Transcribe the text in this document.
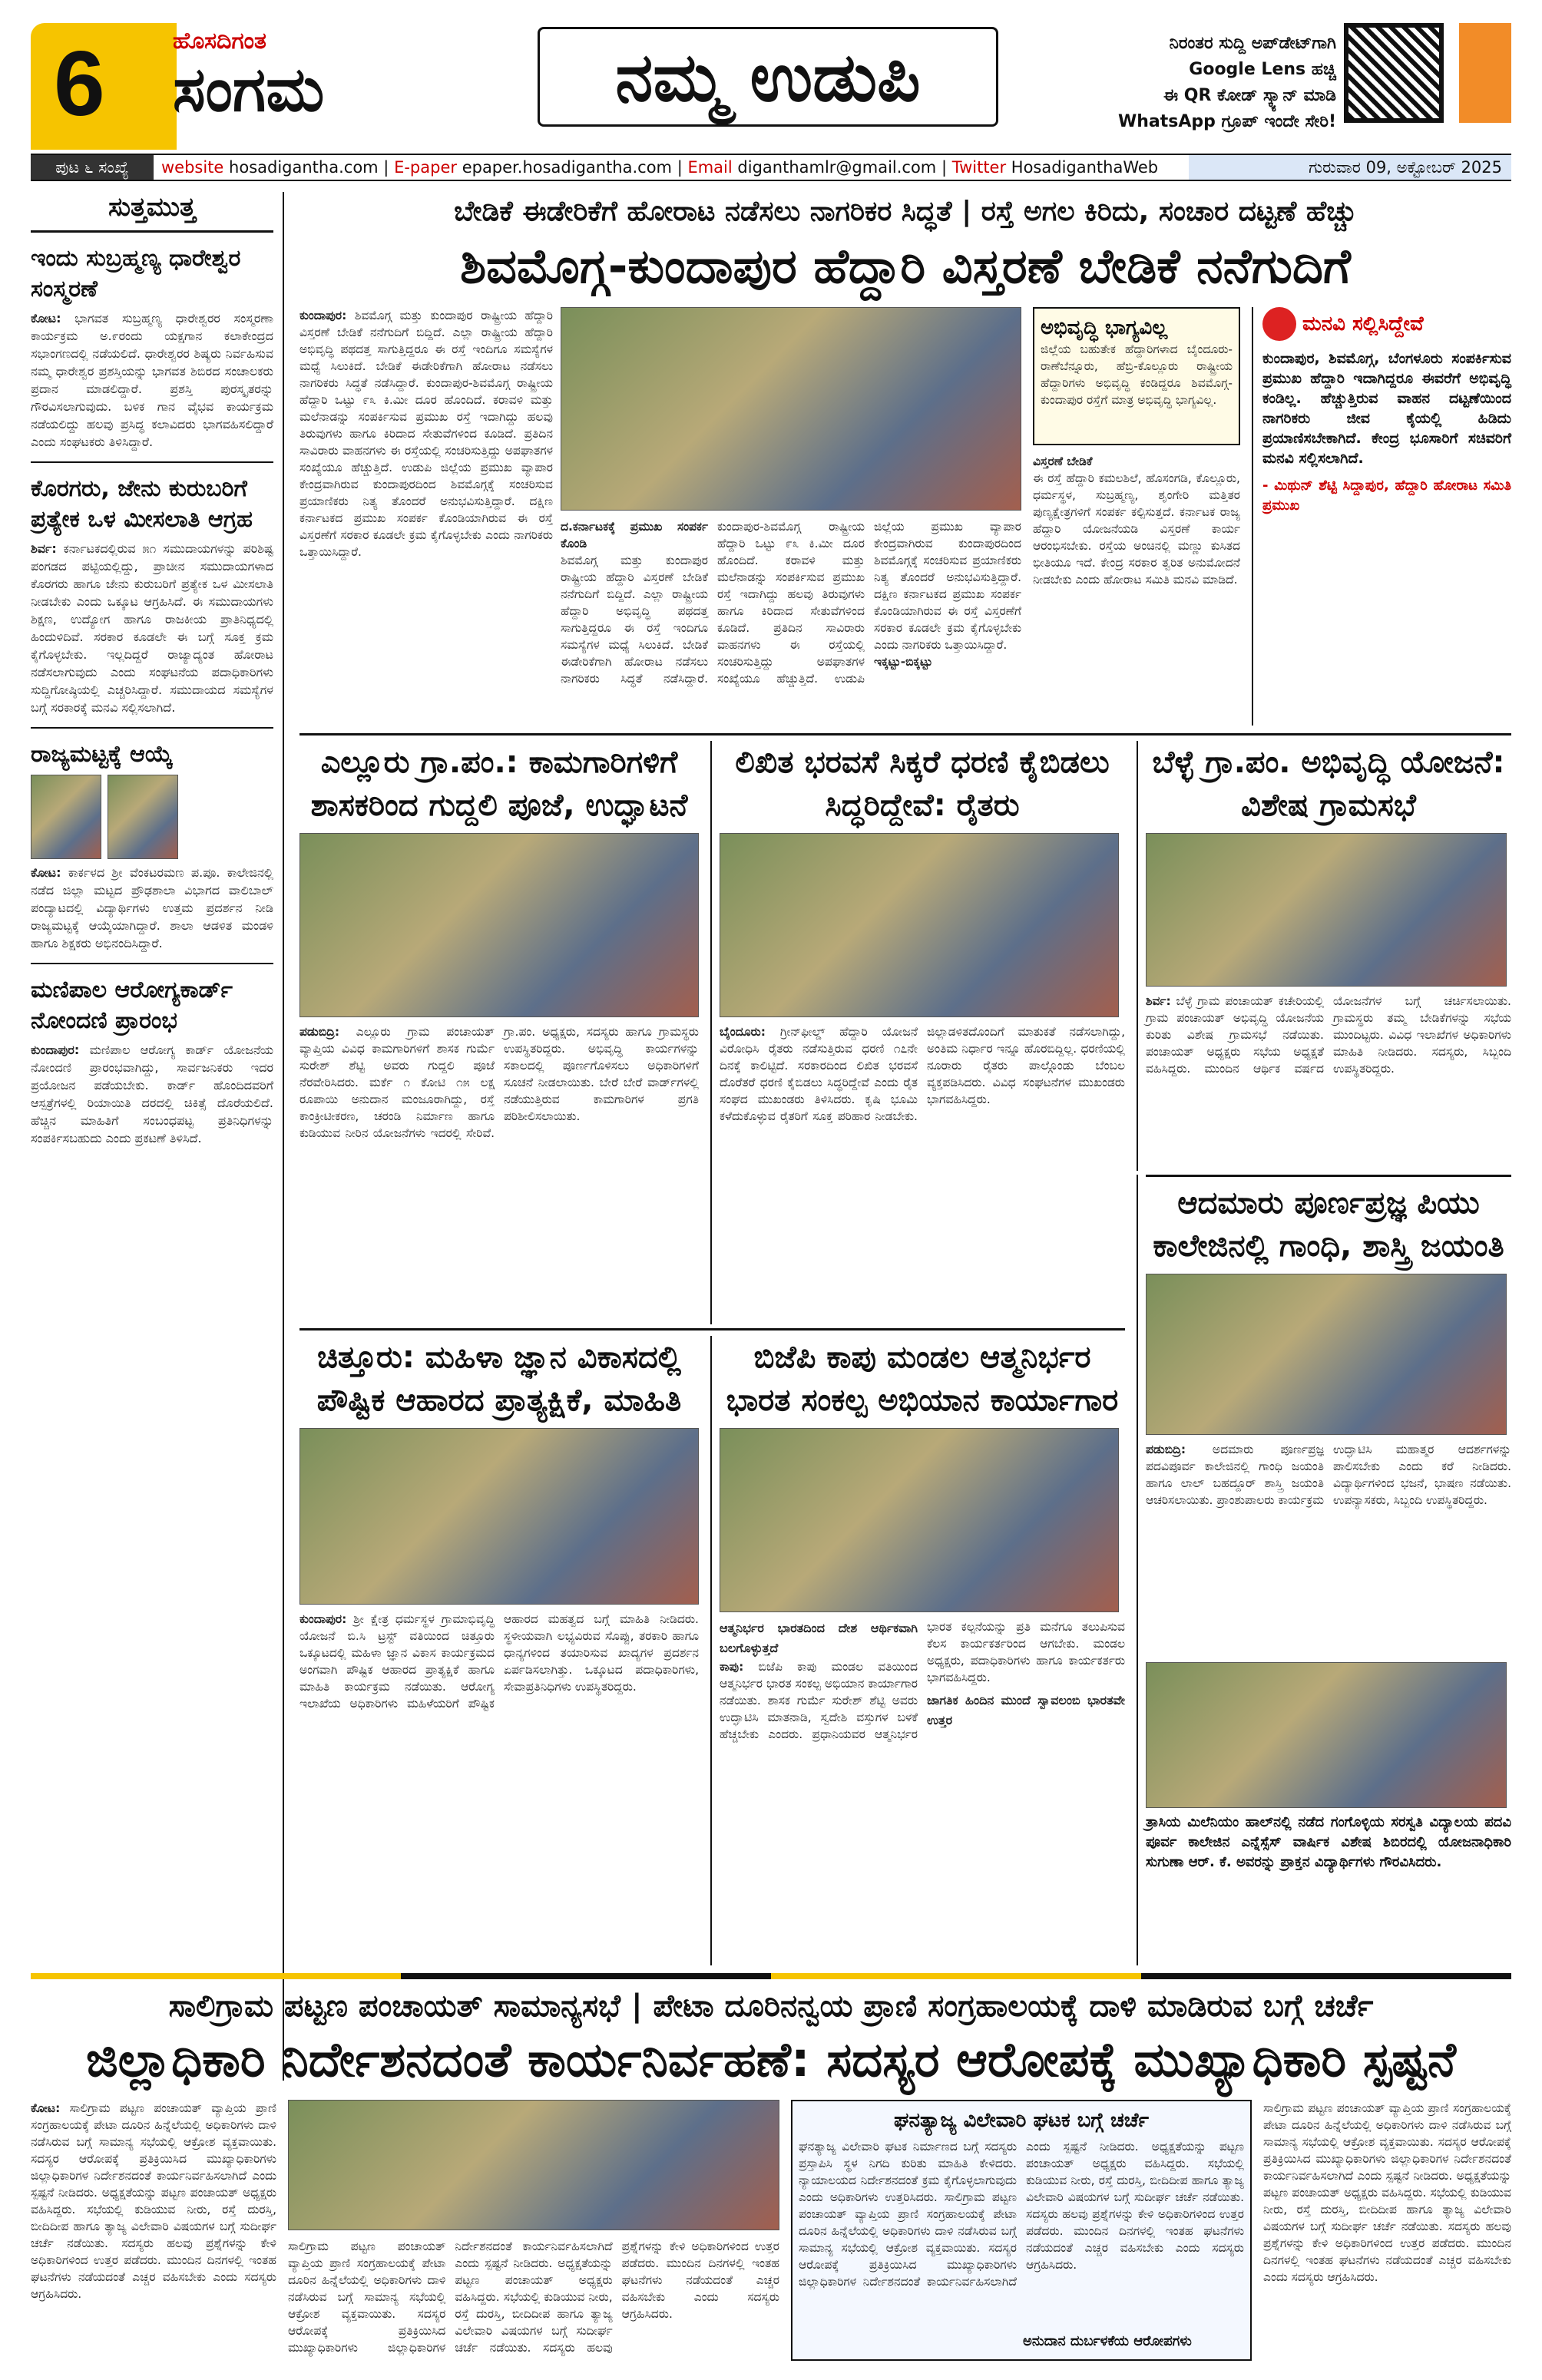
6	ಹೊಸದಿಗಂತ
ಸಂಗಮ	ನಮ್ಮ ಉಡುಪಿ	ನಿರಂತರ ಸುದ್ದಿ ಅಪ್‌ಡೇಟ್‌ಗಾಗಿ
Google Lens ಹಚ್ಚಿ
ಈ QR ಕೋಡ್ ಸ್ಕ್ಯಾನ್ ಮಾಡಿ
WhatsApp ಗ್ರೂಪ್ ಇಂದೇ ಸೇರಿ!
ಪುಟ ೬ ಸಂಖ್ಯೆ	website hosadigantha.com | E-paper epaper.hosadigantha.com | Email diganthamlr@gmail.com | Twitter HosadiganthaWeb	ಗುರುವಾರ 09, ಅಕ್ಟೋಬರ್ 2025
ಸುತ್ತಮುತ್ತ
ಇಂದು ಸುಬ್ರಹ್ಮಣ್ಯ ಧಾರೇಶ್ವರ ಸಂಸ್ಮರಣೆ
ಕೋಟ: ಭಾಗವತ ಸುಬ್ರಹ್ಮಣ್ಯ ಧಾರೇಶ್ವರರ ಸಂಸ್ಮರಣಾ ಕಾರ್ಯಕ್ರಮ ಅ.೯ರಂದು ಯಕ್ಷಗಾನ ಕಲಾಕೇಂದ್ರದ ಸಭಾಂಗಣದಲ್ಲಿ ನಡೆಯಲಿದೆ. ಧಾರೇಶ್ವರರ ಶಿಷ್ಯರು ನಿರ್ವಹಿಸುವ ನಮ್ಮ ಧಾರೇಶ್ವರ ಪ್ರಶಸ್ತಿಯನ್ನು ಭಾಗವತ ಶಿಬಿರದ ಸಂಚಾಲಕರು ಪ್ರದಾನ ಮಾಡಲಿದ್ದಾರೆ. ಪ್ರಶಸ್ತಿ ಪುರಸ್ಕೃತರನ್ನು ಗೌರವಿಸಲಾಗುವುದು. ಬಳಿಕ ಗಾನ ವೈಭವ ಕಾರ್ಯಕ್ರಮ ನಡೆಯಲಿದ್ದು ಹಲವು ಪ್ರಸಿದ್ಧ ಕಲಾವಿದರು ಭಾಗವಹಿಸಲಿದ್ದಾರೆ ಎಂದು ಸಂಘಟಕರು ತಿಳಿಸಿದ್ದಾರೆ.
ಕೊರಗರು, ಜೇನು ಕುರುಬರಿಗೆ ಪ್ರತ್ಯೇಕ ಒಳ ಮೀಸಲಾತಿ ಆಗ್ರಹ
ಶಿರ್ವ: ಕರ್ನಾಟಕದಲ್ಲಿರುವ ೫೧ ಸಮುದಾಯಗಳನ್ನು ಪರಿಶಿಷ್ಟ ಪಂಗಡದ ಪಟ್ಟಿಯಲ್ಲಿದ್ದು, ಪ್ರಾಚೀನ ಸಮುದಾಯಗಳಾದ ಕೊರಗರು ಹಾಗೂ ಜೇನು ಕುರುಬರಿಗೆ ಪ್ರತ್ಯೇಕ ಒಳ ಮೀಸಲಾತಿ ನೀಡಬೇಕು ಎಂದು ಒಕ್ಕೂಟ ಆಗ್ರಹಿಸಿದೆ. ಈ ಸಮುದಾಯಗಳು ಶಿಕ್ಷಣ, ಉದ್ಯೋಗ ಹಾಗೂ ರಾಜಕೀಯ ಪ್ರಾತಿನಿಧ್ಯದಲ್ಲಿ ಹಿಂದುಳಿದಿವೆ. ಸರಕಾರ ಕೂಡಲೇ ಈ ಬಗ್ಗೆ ಸೂಕ್ತ ಕ್ರಮ ಕೈಗೊಳ್ಳಬೇಕು. ಇಲ್ಲದಿದ್ದರೆ ರಾಜ್ಯಾದ್ಯಂತ ಹೋರಾಟ ನಡೆಸಲಾಗುವುದು ಎಂದು ಸಂಘಟನೆಯ ಪದಾಧಿಕಾರಿಗಳು ಸುದ್ದಿಗೋಷ್ಠಿಯಲ್ಲಿ ಎಚ್ಚರಿಸಿದ್ದಾರೆ. ಸಮುದಾಯದ ಸಮಸ್ಯೆಗಳ ಬಗ್ಗೆ ಸರಕಾರಕ್ಕೆ ಮನವಿ ಸಲ್ಲಿಸಲಾಗಿದೆ.
ರಾಜ್ಯಮಟ್ಟಕ್ಕೆ ಆಯ್ಕೆ
ಕೋಟ: ಕಾರ್ಕಳದ ಶ್ರೀ ವೆಂಕಟರಮಣ ಪ.ಪೂ. ಕಾಲೇಜಿನಲ್ಲಿ ನಡೆದ ಜಿಲ್ಲಾ ಮಟ್ಟದ ಪ್ರೌಢಶಾಲಾ ವಿಭಾಗದ ವಾಲಿಬಾಲ್ ಪಂದ್ಯಾಟದಲ್ಲಿ ವಿದ್ಯಾರ್ಥಿಗಳು ಉತ್ತಮ ಪ್ರದರ್ಶನ ನೀಡಿ ರಾಜ್ಯಮಟ್ಟಕ್ಕೆ ಆಯ್ಕೆಯಾಗಿದ್ದಾರೆ. ಶಾಲಾ ಆಡಳಿತ ಮಂಡಳಿ ಹಾಗೂ ಶಿಕ್ಷಕರು ಅಭಿನಂದಿಸಿದ್ದಾರೆ.
ಮಣಿಪಾಲ ಆರೋಗ್ಯಕಾರ್ಡ್ ನೋಂದಣಿ ಪ್ರಾರಂಭ
ಕುಂದಾಪುರ: ಮಣಿಪಾಲ ಆರೋಗ್ಯ ಕಾರ್ಡ್ ಯೋಜನೆಯ ನೋಂದಣಿ ಪ್ರಾರಂಭವಾಗಿದ್ದು, ಸಾರ್ವಜನಿಕರು ಇದರ ಪ್ರಯೋಜನ ಪಡೆಯಬೇಕು. ಕಾರ್ಡ್ ಹೊಂದಿದವರಿಗೆ ಆಸ್ಪತ್ರೆಗಳಲ್ಲಿ ರಿಯಾಯಿತಿ ದರದಲ್ಲಿ ಚಿಕಿತ್ಸೆ ದೊರೆಯಲಿದೆ. ಹೆಚ್ಚಿನ ಮಾಹಿತಿಗೆ ಸಂಬಂಧಪಟ್ಟ ಪ್ರತಿನಿಧಿಗಳನ್ನು ಸಂಪರ್ಕಿಸಬಹುದು ಎಂದು ಪ್ರಕಟಣೆ ತಿಳಿಸಿದೆ.
ಬೇಡಿಕೆ ಈಡೇರಿಕೆಗೆ ಹೋರಾಟ ನಡೆಸಲು ನಾಗರಿಕರ ಸಿದ್ಧತೆ | ರಸ್ತೆ ಅಗಲ ಕಿರಿದು, ಸಂಚಾರ ದಟ್ಟಣೆ ಹೆಚ್ಚು
ಶಿವಮೊಗ್ಗ-ಕುಂದಾಪುರ ಹೆದ್ದಾರಿ ವಿಸ್ತರಣೆ ಬೇಡಿಕೆ ನನೆಗುದಿಗೆ
ಕುಂದಾಪುರ: ಶಿವಮೊಗ್ಗ ಮತ್ತು ಕುಂದಾಪುರ ರಾಷ್ಟ್ರೀಯ ಹೆದ್ದಾರಿ ವಿಸ್ತರಣೆ ಬೇಡಿಕೆ ನನೆಗುದಿಗೆ ಬಿದ್ದಿದೆ. ಎಲ್ಲಾ ರಾಷ್ಟ್ರೀಯ ಹೆದ್ದಾರಿ ಅಭಿವೃದ್ಧಿ ಪಥದತ್ತ ಸಾಗುತ್ತಿದ್ದರೂ ಈ ರಸ್ತೆ ಇಂದಿಗೂ ಸಮಸ್ಯೆಗಳ ಮಧ್ಯೆ ಸಿಲುಕಿದೆ. ಬೇಡಿಕೆ ಈಡೇರಿಕೆಗಾಗಿ ಹೋರಾಟ ನಡೆಸಲು ನಾಗರಿಕರು ಸಿದ್ಧತೆ ನಡೆಸಿದ್ದಾರೆ. ಕುಂದಾಪುರ-ಶಿವಮೊಗ್ಗ ರಾಷ್ಟ್ರೀಯ ಹೆದ್ದಾರಿ ಒಟ್ಟು ೯೩ ಕಿ.ಮೀ ದೂರ ಹೊಂದಿದೆ. ಕರಾವಳಿ ಮತ್ತು ಮಲೆನಾಡನ್ನು ಸಂಪರ್ಕಿಸುವ ಪ್ರಮುಖ ರಸ್ತೆ ಇದಾಗಿದ್ದು ಹಲವು ತಿರುವುಗಳು ಹಾಗೂ ಕಿರಿದಾದ ಸೇತುವೆಗಳಿಂದ ಕೂಡಿದೆ. ಪ್ರತಿದಿನ ಸಾವಿರಾರು ವಾಹನಗಳು ಈ ರಸ್ತೆಯಲ್ಲಿ ಸಂಚರಿಸುತ್ತಿದ್ದು ಅಪಘಾತಗಳ ಸಂಖ್ಯೆಯೂ ಹೆಚ್ಚುತ್ತಿದೆ. ಉಡುಪಿ ಜಿಲ್ಲೆಯ ಪ್ರಮುಖ ವ್ಯಾಪಾರ ಕೇಂದ್ರವಾಗಿರುವ ಕುಂದಾಪುರದಿಂದ ಶಿವಮೊಗ್ಗಕ್ಕೆ ಸಂಚರಿಸುವ ಪ್ರಯಾಣಿಕರು ನಿತ್ಯ ತೊಂದರೆ ಅನುಭವಿಸುತ್ತಿದ್ದಾರೆ. ದಕ್ಷಿಣ ಕರ್ನಾಟಕದ ಪ್ರಮುಖ ಸಂಪರ್ಕ ಕೊಂಡಿಯಾಗಿರುವ ಈ ರಸ್ತೆ ವಿಸ್ತರಣೆಗೆ ಸರಕಾರ ಕೂಡಲೇ ಕ್ರಮ ಕೈಗೊಳ್ಳಬೇಕು ಎಂದು ನಾಗರಿಕರು ಒತ್ತಾಯಿಸಿದ್ದಾರೆ.
ದ.ಕರ್ನಾಟಕಕ್ಕೆ ಪ್ರಮುಖ ಸಂಪರ್ಕ ಕೊಂಡಿ
ಶಿವಮೊಗ್ಗ ಮತ್ತು ಕುಂದಾಪುರ ರಾಷ್ಟ್ರೀಯ ಹೆದ್ದಾರಿ ವಿಸ್ತರಣೆ ಬೇಡಿಕೆ ನನೆಗುದಿಗೆ ಬಿದ್ದಿದೆ. ಎಲ್ಲಾ ರಾಷ್ಟ್ರೀಯ ಹೆದ್ದಾರಿ ಅಭಿವೃದ್ಧಿ ಪಥದತ್ತ ಸಾಗುತ್ತಿದ್ದರೂ ಈ ರಸ್ತೆ ಇಂದಿಗೂ ಸಮಸ್ಯೆಗಳ ಮಧ್ಯೆ ಸಿಲುಕಿದೆ. ಬೇಡಿಕೆ ಈಡೇರಿಕೆಗಾಗಿ ಹೋರಾಟ ನಡೆಸಲು ನಾಗರಿಕರು ಸಿದ್ಧತೆ ನಡೆಸಿದ್ದಾರೆ. ಕುಂದಾಪುರ-ಶಿವಮೊಗ್ಗ ರಾಷ್ಟ್ರೀಯ ಹೆದ್ದಾರಿ ಒಟ್ಟು ೯೩ ಕಿ.ಮೀ ದೂರ ಹೊಂದಿದೆ. ಕರಾವಳಿ ಮತ್ತು ಮಲೆನಾಡನ್ನು ಸಂಪರ್ಕಿಸುವ ಪ್ರಮುಖ ರಸ್ತೆ ಇದಾಗಿದ್ದು ಹಲವು ತಿರುವುಗಳು ಹಾಗೂ ಕಿರಿದಾದ ಸೇತುವೆಗಳಿಂದ ಕೂಡಿದೆ. ಪ್ರತಿದಿನ ಸಾವಿರಾರು ವಾಹನಗಳು ಈ ರಸ್ತೆಯಲ್ಲಿ ಸಂಚರಿಸುತ್ತಿದ್ದು ಅಪಘಾತಗಳ ಸಂಖ್ಯೆಯೂ ಹೆಚ್ಚುತ್ತಿದೆ. ಉಡುಪಿ ಜಿಲ್ಲೆಯ ಪ್ರಮುಖ ವ್ಯಾಪಾರ ಕೇಂದ್ರವಾಗಿರುವ ಕುಂದಾಪುರದಿಂದ ಶಿವಮೊಗ್ಗಕ್ಕೆ ಸಂಚರಿಸುವ ಪ್ರಯಾಣಿಕರು ನಿತ್ಯ ತೊಂದರೆ ಅನುಭವಿಸುತ್ತಿದ್ದಾರೆ. ದಕ್ಷಿಣ ಕರ್ನಾಟಕದ ಪ್ರಮುಖ ಸಂಪರ್ಕ ಕೊಂಡಿಯಾಗಿರುವ ಈ ರಸ್ತೆ ವಿಸ್ತರಣೆಗೆ ಸರಕಾರ ಕೂಡಲೇ ಕ್ರಮ ಕೈಗೊಳ್ಳಬೇಕು ಎಂದು ನಾಗರಿಕರು ಒತ್ತಾಯಿಸಿದ್ದಾರೆ.
ಇಕ್ಕಟ್ಟು-ಬಿಕ್ಕಟ್ಟು
ಅಭಿವೃದ್ಧಿ ಭಾಗ್ಯವಿಲ್ಲ
ಜಿಲ್ಲೆಯ ಬಹುತೇಕ ಹೆದ್ದಾರಿಗಳಾದ ಬೈಂದೂರು-ರಾಣೆಬೆನ್ನೂರು, ಹೆಬ್ರಿ-ಕೊಲ್ಲೂರು ರಾಷ್ಟ್ರೀಯ ಹೆದ್ದಾರಿಗಳು ಅಭಿವೃದ್ಧಿ ಕಂಡಿದ್ದರೂ ಶಿವಮೊಗ್ಗ-ಕುಂದಾಪುರ ರಸ್ತೆಗೆ ಮಾತ್ರ ಅಭಿವೃದ್ಧಿ ಭಾಗ್ಯವಿಲ್ಲ.
ವಿಸ್ತರಣೆ ಬೇಡಿಕೆ
ಈ ರಸ್ತೆ ಹೆದ್ದಾರಿ ಕಮಲಶಿಲೆ, ಹೊಸಂಗಡಿ, ಕೊಲ್ಲೂರು, ಧರ್ಮಸ್ಥಳ, ಸುಬ್ರಹ್ಮಣ್ಯ, ಶೃಂಗೇರಿ ಮತ್ತಿತರ ಪುಣ್ಯಕ್ಷೇತ್ರಗಳಿಗೆ ಸಂಪರ್ಕ ಕಲ್ಪಿಸುತ್ತದೆ. ಕರ್ನಾಟಕ ರಾಜ್ಯ ಹೆದ್ದಾರಿ ಯೋಜನೆಯಡಿ ವಿಸ್ತರಣೆ ಕಾರ್ಯ ಆರಂಭಿಸಬೇಕು. ರಸ್ತೆಯ ಅಂಚಿನಲ್ಲಿ ಮಣ್ಣು ಕುಸಿತದ ಭೀತಿಯೂ ಇದೆ. ಕೇಂದ್ರ ಸರಕಾರ ತ್ವರಿತ ಅನುಮೋದನೆ ನೀಡಬೇಕು ಎಂದು ಹೋರಾಟ ಸಮಿತಿ ಮನವಿ ಮಾಡಿದೆ.
ಮನವಿ ಸಲ್ಲಿಸಿದ್ದೇವೆ
ಕುಂದಾಪುರ, ಶಿವಮೊಗ್ಗ, ಬೆಂಗಳೂರು ಸಂಪರ್ಕಿಸುವ ಪ್ರಮುಖ ಹೆದ್ದಾರಿ ಇದಾಗಿದ್ದರೂ ಈವರೆಗೆ ಅಭಿವೃದ್ಧಿ ಕಂಡಿಲ್ಲ. ಹೆಚ್ಚುತ್ತಿರುವ ವಾಹನ ದಟ್ಟಣೆಯಿಂದ ನಾಗರಿಕರು ಜೀವ ಕೈಯಲ್ಲಿ ಹಿಡಿದು ಪ್ರಯಾಣಿಸಬೇಕಾಗಿದೆ. ಕೇಂದ್ರ ಭೂಸಾರಿಗೆ ಸಚಿವರಿಗೆ ಮನವಿ ಸಲ್ಲಿಸಲಾಗಿದೆ.
- ಮಿಥುನ್ ಶೆಟ್ಟಿ ಸಿದ್ದಾಪುರ, ಹೆದ್ದಾರಿ ಹೋರಾಟ ಸಮಿತಿ ಪ್ರಮುಖ
ಎಲ್ಲೂರು ಗ್ರಾ.ಪಂ.: ಕಾಮಗಾರಿಗಳಿಗೆ ಶಾಸಕರಿಂದ ಗುದ್ದಲಿ ಪೂಜೆ, ಉದ್ಘಾಟನೆ
ಪಡುಬಿದ್ರಿ: ಎಲ್ಲೂರು ಗ್ರಾಮ ಪಂಚಾಯತ್ ವ್ಯಾಪ್ತಿಯ ವಿವಿಧ ಕಾಮಗಾರಿಗಳಿಗೆ ಶಾಸಕ ಗುರ್ಮೆ ಸುರೇಶ್ ಶೆಟ್ಟಿ ಅವರು ಗುದ್ದಲಿ ಪೂಜೆ ನೆರವೇರಿಸಿದರು. ಮರ್ಕೆ ೧ ಕೋಟಿ ೧೫ ಲಕ್ಷ ರೂಪಾಯಿ ಅನುದಾನ ಮಂಜೂರಾಗಿದ್ದು, ರಸ್ತೆ ಕಾಂಕ್ರೀಟೀಕರಣ, ಚರಂಡಿ ನಿರ್ಮಾಣ ಹಾಗೂ ಕುಡಿಯುವ ನೀರಿನ ಯೋಜನೆಗಳು ಇದರಲ್ಲಿ ಸೇರಿವೆ. ಗ್ರಾ.ಪಂ. ಅಧ್ಯಕ್ಷರು, ಸದಸ್ಯರು ಹಾಗೂ ಗ್ರಾಮಸ್ಥರು ಉಪಸ್ಥಿತರಿದ್ದರು. ಅಭಿವೃದ್ಧಿ ಕಾರ್ಯಗಳನ್ನು ಸಕಾಲದಲ್ಲಿ ಪೂರ್ಣಗೊಳಿಸಲು ಅಧಿಕಾರಿಗಳಿಗೆ ಸೂಚನೆ ನೀಡಲಾಯಿತು. ಬೇರೆ ಬೇರೆ ವಾರ್ಡ್‌ಗಳಲ್ಲಿ ನಡೆಯುತ್ತಿರುವ ಕಾಮಗಾರಿಗಳ ಪ್ರಗತಿ ಪರಿಶೀಲಿಸಲಾಯಿತು.
ಲಿಖಿತ ಭರವಸೆ ಸಿಕ್ಕರೆ ಧರಣಿ ಕೈಬಿಡಲು ಸಿದ್ಧರಿದ್ದೇವೆ: ರೈತರು
ಬೈಂದೂರು: ಗ್ರೀನ್‌ಫೀಲ್ಡ್ ಹೆದ್ದಾರಿ ಯೋಜನೆ ವಿರೋಧಿಸಿ ರೈತರು ನಡೆಸುತ್ತಿರುವ ಧರಣಿ ೧೭ನೇ ದಿನಕ್ಕೆ ಕಾಲಿಟ್ಟಿದೆ. ಸರಕಾರದಿಂದ ಲಿಖಿತ ಭರವಸೆ ದೊರೆತರೆ ಧರಣಿ ಕೈಬಿಡಲು ಸಿದ್ಧರಿದ್ದೇವೆ ಎಂದು ರೈತ ಸಂಘದ ಮುಖಂಡರು ತಿಳಿಸಿದರು. ಕೃಷಿ ಭೂಮಿ ಕಳೆದುಕೊಳ್ಳುವ ರೈತರಿಗೆ ಸೂಕ್ತ ಪರಿಹಾರ ನೀಡಬೇಕು. ಜಿಲ್ಲಾಡಳಿತದೊಂದಿಗೆ ಮಾತುಕತೆ ನಡೆಸಲಾಗಿದ್ದು, ಅಂತಿಮ ನಿರ್ಧಾರ ಇನ್ನೂ ಹೊರಬಿದ್ದಿಲ್ಲ. ಧರಣಿಯಲ್ಲಿ ನೂರಾರು ರೈತರು ಪಾಲ್ಗೊಂಡು ಬೆಂಬಲ ವ್ಯಕ್ತಪಡಿಸಿದರು. ವಿವಿಧ ಸಂಘಟನೆಗಳ ಮುಖಂಡರು ಭಾಗವಹಿಸಿದ್ದರು.
ಬೆಳ್ಳೆ ಗ್ರಾ.ಪಂ. ಅಭಿವೃದ್ಧಿ ಯೋಜನೆ: ವಿಶೇಷ ಗ್ರಾಮಸಭೆ
ಶಿರ್ವ: ಬೆಳ್ಳೆ ಗ್ರಾಮ ಪಂಚಾಯತ್ ಕಚೇರಿಯಲ್ಲಿ ಗ್ರಾಮ ಪಂಚಾಯತ್ ಅಭಿವೃದ್ಧಿ ಯೋಜನೆಯ ಕುರಿತು ವಿಶೇಷ ಗ್ರಾಮಸಭೆ ನಡೆಯಿತು. ಪಂಚಾಯತ್ ಅಧ್ಯಕ್ಷರು ಸಭೆಯ ಅಧ್ಯಕ್ಷತೆ ವಹಿಸಿದ್ದರು. ಮುಂದಿನ ಆರ್ಥಿಕ ವರ್ಷದ ಯೋಜನೆಗಳ ಬಗ್ಗೆ ಚರ್ಚಿಸಲಾಯಿತು. ಗ್ರಾಮಸ್ಥರು ತಮ್ಮ ಬೇಡಿಕೆಗಳನ್ನು ಸಭೆಯ ಮುಂದಿಟ್ಟರು. ವಿವಿಧ ಇಲಾಖೆಗಳ ಅಧಿಕಾರಿಗಳು ಮಾಹಿತಿ ನೀಡಿದರು. ಸದಸ್ಯರು, ಸಿಬ್ಬಂದಿ ಉಪಸ್ಥಿತರಿದ್ದರು.
ಚಿತ್ತೂರು: ಮಹಿಳಾ ಜ್ಞಾನ ವಿಕಾಸದಲ್ಲಿ ಪೌಷ್ಟಿಕ ಆಹಾರದ ಪ್ರಾತ್ಯಕ್ಷಿಕೆ, ಮಾಹಿತಿ
ಕುಂದಾಪುರ: ಶ್ರೀ ಕ್ಷೇತ್ರ ಧರ್ಮಸ್ಥಳ ಗ್ರಾಮಾಭಿವೃದ್ಧಿ ಯೋಜನೆ ಬಿ.ಸಿ ಟ್ರಸ್ಟ್ ವತಿಯಿಂದ ಚಿತ್ತೂರು ಒಕ್ಕೂಟದಲ್ಲಿ ಮಹಿಳಾ ಜ್ಞಾನ ವಿಕಾಸ ಕಾರ್ಯಕ್ರಮದ ಅಂಗವಾಗಿ ಪೌಷ್ಟಿಕ ಆಹಾರದ ಪ್ರಾತ್ಯಕ್ಷಿಕೆ ಹಾಗೂ ಮಾಹಿತಿ ಕಾರ್ಯಕ್ರಮ ನಡೆಯಿತು. ಆರೋಗ್ಯ ಇಲಾಖೆಯ ಅಧಿಕಾರಿಗಳು ಮಹಿಳೆಯರಿಗೆ ಪೌಷ್ಟಿಕ ಆಹಾರದ ಮಹತ್ವದ ಬಗ್ಗೆ ಮಾಹಿತಿ ನೀಡಿದರು. ಸ್ಥಳೀಯವಾಗಿ ಲಭ್ಯವಿರುವ ಸೊಪ್ಪು, ತರಕಾರಿ ಹಾಗೂ ಧಾನ್ಯಗಳಿಂದ ತಯಾರಿಸುವ ಖಾದ್ಯಗಳ ಪ್ರದರ್ಶನ ಏರ್ಪಡಿಸಲಾಗಿತ್ತು. ಒಕ್ಕೂಟದ ಪದಾಧಿಕಾರಿಗಳು, ಸೇವಾಪ್ರತಿನಿಧಿಗಳು ಉಪಸ್ಥಿತರಿದ್ದರು.
ಬಿಜೆಪಿ ಕಾಪು ಮಂಡಲ ಆತ್ಮನಿರ್ಭರ ಭಾರತ ಸಂಕಲ್ಪ ಅಭಿಯಾನ ಕಾರ್ಯಾಗಾರ
ಆತ್ಮನಿರ್ಭರ ಭಾರತದಿಂದ ದೇಶ ಆರ್ಥಿಕವಾಗಿ ಬಲಗೊಳ್ಳುತ್ತದೆ
ಕಾಪು: ಬಿಜೆಪಿ ಕಾಪು ಮಂಡಲ ವತಿಯಿಂದ ಆತ್ಮನಿರ್ಭರ ಭಾರತ ಸಂಕಲ್ಪ ಅಭಿಯಾನ ಕಾರ್ಯಾಗಾರ ನಡೆಯಿತು. ಶಾಸಕ ಗುರ್ಮೆ ಸುರೇಶ್ ಶೆಟ್ಟಿ ಅವರು ಉದ್ಘಾಟಿಸಿ ಮಾತನಾಡಿ, ಸ್ವದೇಶಿ ವಸ್ತುಗಳ ಬಳಕೆ ಹೆಚ್ಚಬೇಕು ಎಂದರು. ಪ್ರಧಾನಿಯವರ ಆತ್ಮನಿರ್ಭರ ಭಾರತ ಕಲ್ಪನೆಯನ್ನು ಪ್ರತಿ ಮನೆಗೂ ತಲುಪಿಸುವ ಕೆಲಸ ಕಾರ್ಯಕರ್ತರಿಂದ ಆಗಬೇಕು. ಮಂಡಲ ಅಧ್ಯಕ್ಷರು, ಪದಾಧಿಕಾರಿಗಳು ಹಾಗೂ ಕಾರ್ಯಕರ್ತರು ಭಾಗವಹಿಸಿದ್ದರು.
ಜಾಗತಿಕ ಹಿಂದಿನ ಮುಂದೆ ಸ್ವಾವಲಂಬಿ ಭಾರತವೇ ಉತ್ತರ
ಆದಮಾರು ಪೂರ್ಣಪ್ರಜ್ಞ ಪಿಯು ಕಾಲೇಜಿನಲ್ಲಿ ಗಾಂಧಿ, ಶಾಸ್ತ್ರಿ ಜಯಂತಿ
ಪಡುಬಿದ್ರಿ: ಅದಮಾರು ಪೂರ್ಣಪ್ರಜ್ಞ ಪದವಿಪೂರ್ವ ಕಾಲೇಜಿನಲ್ಲಿ ಗಾಂಧಿ ಜಯಂತಿ ಹಾಗೂ ಲಾಲ್ ಬಹದ್ದೂರ್ ಶಾಸ್ತ್ರಿ ಜಯಂತಿ ಆಚರಿಸಲಾಯಿತು. ಪ್ರಾಂಶುಪಾಲರು ಕಾರ್ಯಕ್ರಮ ಉದ್ಘಾಟಿಸಿ ಮಹಾತ್ಮರ ಆದರ್ಶಗಳನ್ನು ಪಾಲಿಸಬೇಕು ಎಂದು ಕರೆ ನೀಡಿದರು. ವಿದ್ಯಾರ್ಥಿಗಳಿಂದ ಭಜನೆ, ಭಾಷಣ ನಡೆಯಿತು. ಉಪನ್ಯಾಸಕರು, ಸಿಬ್ಬಂದಿ ಉಪಸ್ಥಿತರಿದ್ದರು.
ತ್ರಾಸಿಯ ಮಿಲೆನಿಯಂ ಹಾಲ್‌ನಲ್ಲಿ ನಡೆದ ಗಂಗೊಳ್ಳಿಯ ಸರಸ್ವತಿ ವಿದ್ಯಾಲಯ ಪದವಿ ಪೂರ್ವ ಕಾಲೇಜಿನ ಎನ್ನೆಸ್ಸೆಸ್ ವಾರ್ಷಿಕ ವಿಶೇಷ ಶಿಬಿರದಲ್ಲಿ ಯೋಜನಾಧಿಕಾರಿ ಸುಗುಣಾ ಆರ್. ಕೆ. ಅವರನ್ನು ಪ್ರಾಕ್ತನ ವಿದ್ಯಾರ್ಥಿಗಳು ಗೌರವಿಸಿದರು.
ಸಾಲಿಗ್ರಾಮ ಪಟ್ಟಣ ಪಂಚಾಯತ್ ಸಾಮಾನ್ಯಸಭೆ | ಪೇಟಾ ದೂರಿನನ್ವಯ ಪ್ರಾಣಿ ಸಂಗ್ರಹಾಲಯಕ್ಕೆ ದಾಳಿ ಮಾಡಿರುವ ಬಗ್ಗೆ ಚರ್ಚೆ
ಜಿಲ್ಲಾಧಿಕಾರಿ ನಿರ್ದೇಶನದಂತೆ ಕಾರ್ಯನಿರ್ವಹಣೆ: ಸದಸ್ಯರ ಆರೋಪಕ್ಕೆ ಮುಖ್ಯಾಧಿಕಾರಿ ಸ್ಪಷ್ಟನೆ
ಕೋಟ: ಸಾಲಿಗ್ರಾಮ ಪಟ್ಟಣ ಪಂಚಾಯತ್ ವ್ಯಾಪ್ತಿಯ ಪ್ರಾಣಿ ಸಂಗ್ರಹಾಲಯಕ್ಕೆ ಪೇಟಾ ದೂರಿನ ಹಿನ್ನೆಲೆಯಲ್ಲಿ ಅಧಿಕಾರಿಗಳು ದಾಳಿ ನಡೆಸಿರುವ ಬಗ್ಗೆ ಸಾಮಾನ್ಯ ಸಭೆಯಲ್ಲಿ ಆಕ್ರೋಶ ವ್ಯಕ್ತವಾಯಿತು. ಸದಸ್ಯರ ಆರೋಪಕ್ಕೆ ಪ್ರತಿಕ್ರಿಯಿಸಿದ ಮುಖ್ಯಾಧಿಕಾರಿಗಳು ಜಿಲ್ಲಾಧಿಕಾರಿಗಳ ನಿರ್ದೇಶನದಂತೆ ಕಾರ್ಯನಿರ್ವಹಿಸಲಾಗಿದೆ ಎಂದು ಸ್ಪಷ್ಟನೆ ನೀಡಿದರು. ಅಧ್ಯಕ್ಷತೆಯನ್ನು ಪಟ್ಟಣ ಪಂಚಾಯತ್ ಅಧ್ಯಕ್ಷರು ವಹಿಸಿದ್ದರು. ಸಭೆಯಲ್ಲಿ ಕುಡಿಯುವ ನೀರು, ರಸ್ತೆ ದುರಸ್ತಿ, ಬೀದಿದೀಪ ಹಾಗೂ ತ್ಯಾಜ್ಯ ವಿಲೇವಾರಿ ವಿಷಯಗಳ ಬಗ್ಗೆ ಸುದೀರ್ಘ ಚರ್ಚೆ ನಡೆಯಿತು. ಸದಸ್ಯರು ಹಲವು ಪ್ರಶ್ನೆಗಳನ್ನು ಕೇಳಿ ಅಧಿಕಾರಿಗಳಿಂದ ಉತ್ತರ ಪಡೆದರು. ಮುಂದಿನ ದಿನಗಳಲ್ಲಿ ಇಂತಹ ಘಟನೆಗಳು ನಡೆಯದಂತೆ ಎಚ್ಚರ ವಹಿಸಬೇಕು ಎಂದು ಸದಸ್ಯರು ಆಗ್ರಹಿಸಿದರು.
ಸಾಲಿಗ್ರಾಮ ಪಟ್ಟಣ ಪಂಚಾಯತ್ ವ್ಯಾಪ್ತಿಯ ಪ್ರಾಣಿ ಸಂಗ್ರಹಾಲಯಕ್ಕೆ ಪೇಟಾ ದೂರಿನ ಹಿನ್ನೆಲೆಯಲ್ಲಿ ಅಧಿಕಾರಿಗಳು ದಾಳಿ ನಡೆಸಿರುವ ಬಗ್ಗೆ ಸಾಮಾನ್ಯ ಸಭೆಯಲ್ಲಿ ಆಕ್ರೋಶ ವ್ಯಕ್ತವಾಯಿತು. ಸದಸ್ಯರ ಆರೋಪಕ್ಕೆ ಪ್ರತಿಕ್ರಿಯಿಸಿದ ಮುಖ್ಯಾಧಿಕಾರಿಗಳು ಜಿಲ್ಲಾಧಿಕಾರಿಗಳ ನಿರ್ದೇಶನದಂತೆ ಕಾರ್ಯನಿರ್ವಹಿಸಲಾಗಿದೆ ಎಂದು ಸ್ಪಷ್ಟನೆ ನೀಡಿದರು. ಅಧ್ಯಕ್ಷತೆಯನ್ನು ಪಟ್ಟಣ ಪಂಚಾಯತ್ ಅಧ್ಯಕ್ಷರು ವಹಿಸಿದ್ದರು. ಸಭೆಯಲ್ಲಿ ಕುಡಿಯುವ ನೀರು, ರಸ್ತೆ ದುರಸ್ತಿ, ಬೀದಿದೀಪ ಹಾಗೂ ತ್ಯಾಜ್ಯ ವಿಲೇವಾರಿ ವಿಷಯಗಳ ಬಗ್ಗೆ ಸುದೀರ್ಘ ಚರ್ಚೆ ನಡೆಯಿತು. ಸದಸ್ಯರು ಹಲವು ಪ್ರಶ್ನೆಗಳನ್ನು ಕೇಳಿ ಅಧಿಕಾರಿಗಳಿಂದ ಉತ್ತರ ಪಡೆದರು. ಮುಂದಿನ ದಿನಗಳಲ್ಲಿ ಇಂತಹ ಘಟನೆಗಳು ನಡೆಯದಂತೆ ಎಚ್ಚರ ವಹಿಸಬೇಕು ಎಂದು ಸದಸ್ಯರು ಆಗ್ರಹಿಸಿದರು.
ಘನತ್ಯಾಜ್ಯ ವಿಲೇವಾರಿ ಘಟಕ ಬಗ್ಗೆ ಚರ್ಚೆ
ಘನತ್ಯಾಜ್ಯ ವಿಲೇವಾರಿ ಘಟಕ ನಿರ್ಮಾಣದ ಬಗ್ಗೆ ಸದಸ್ಯರು ಪ್ರಸ್ತಾಪಿಸಿ ಸ್ಥಳ ನಿಗದಿ ಕುರಿತು ಮಾಹಿತಿ ಕೇಳಿದರು. ನ್ಯಾಯಾಲಯದ ನಿರ್ದೇಶನದಂತೆ ಕ್ರಮ ಕೈಗೊಳ್ಳಲಾಗುವುದು ಎಂದು ಅಧಿಕಾರಿಗಳು ಉತ್ತರಿಸಿದರು. ಸಾಲಿಗ್ರಾಮ ಪಟ್ಟಣ ಪಂಚಾಯತ್ ವ್ಯಾಪ್ತಿಯ ಪ್ರಾಣಿ ಸಂಗ್ರಹಾಲಯಕ್ಕೆ ಪೇಟಾ ದೂರಿನ ಹಿನ್ನೆಲೆಯಲ್ಲಿ ಅಧಿಕಾರಿಗಳು ದಾಳಿ ನಡೆಸಿರುವ ಬಗ್ಗೆ ಸಾಮಾನ್ಯ ಸಭೆಯಲ್ಲಿ ಆಕ್ರೋಶ ವ್ಯಕ್ತವಾಯಿತು. ಸದಸ್ಯರ ಆರೋಪಕ್ಕೆ ಪ್ರತಿಕ್ರಿಯಿಸಿದ ಮುಖ್ಯಾಧಿಕಾರಿಗಳು ಜಿಲ್ಲಾಧಿಕಾರಿಗಳ ನಿರ್ದೇಶನದಂತೆ ಕಾರ್ಯನಿರ್ವಹಿಸಲಾಗಿದೆ ಎಂದು ಸ್ಪಷ್ಟನೆ ನೀಡಿದರು. ಅಧ್ಯಕ್ಷತೆಯನ್ನು ಪಟ್ಟಣ ಪಂಚಾಯತ್ ಅಧ್ಯಕ್ಷರು ವಹಿಸಿದ್ದರು. ಸಭೆಯಲ್ಲಿ ಕುಡಿಯುವ ನೀರು, ರಸ್ತೆ ದುರಸ್ತಿ, ಬೀದಿದೀಪ ಹಾಗೂ ತ್ಯಾಜ್ಯ ವಿಲೇವಾರಿ ವಿಷಯಗಳ ಬಗ್ಗೆ ಸುದೀರ್ಘ ಚರ್ಚೆ ನಡೆಯಿತು. ಸದಸ್ಯರು ಹಲವು ಪ್ರಶ್ನೆಗಳನ್ನು ಕೇಳಿ ಅಧಿಕಾರಿಗಳಿಂದ ಉತ್ತರ ಪಡೆದರು. ಮುಂದಿನ ದಿನಗಳಲ್ಲಿ ಇಂತಹ ಘಟನೆಗಳು ನಡೆಯದಂತೆ ಎಚ್ಚರ ವಹಿಸಬೇಕು ಎಂದು ಸದಸ್ಯರು ಆಗ್ರಹಿಸಿದರು.
ಅನುದಾನ ದುರ್ಬಳಕೆಯ ಆರೋಪಗಳು
ಸಾಲಿಗ್ರಾಮ ಪಟ್ಟಣ ಪಂಚಾಯತ್ ವ್ಯಾಪ್ತಿಯ ಪ್ರಾಣಿ ಸಂಗ್ರಹಾಲಯಕ್ಕೆ ಪೇಟಾ ದೂರಿನ ಹಿನ್ನೆಲೆಯಲ್ಲಿ ಅಧಿಕಾರಿಗಳು ದಾಳಿ ನಡೆಸಿರುವ ಬಗ್ಗೆ ಸಾಮಾನ್ಯ ಸಭೆಯಲ್ಲಿ ಆಕ್ರೋಶ ವ್ಯಕ್ತವಾಯಿತು. ಸದಸ್ಯರ ಆರೋಪಕ್ಕೆ ಪ್ರತಿಕ್ರಿಯಿಸಿದ ಮುಖ್ಯಾಧಿಕಾರಿಗಳು ಜಿಲ್ಲಾಧಿಕಾರಿಗಳ ನಿರ್ದೇಶನದಂತೆ ಕಾರ್ಯನಿರ್ವಹಿಸಲಾಗಿದೆ ಎಂದು ಸ್ಪಷ್ಟನೆ ನೀಡಿದರು. ಅಧ್ಯಕ್ಷತೆಯನ್ನು ಪಟ್ಟಣ ಪಂಚಾಯತ್ ಅಧ್ಯಕ್ಷರು ವಹಿಸಿದ್ದರು. ಸಭೆಯಲ್ಲಿ ಕುಡಿಯುವ ನೀರು, ರಸ್ತೆ ದುರಸ್ತಿ, ಬೀದಿದೀಪ ಹಾಗೂ ತ್ಯಾಜ್ಯ ವಿಲೇವಾರಿ ವಿಷಯಗಳ ಬಗ್ಗೆ ಸುದೀರ್ಘ ಚರ್ಚೆ ನಡೆಯಿತು. ಸದಸ್ಯರು ಹಲವು ಪ್ರಶ್ನೆಗಳನ್ನು ಕೇಳಿ ಅಧಿಕಾರಿಗಳಿಂದ ಉತ್ತರ ಪಡೆದರು. ಮುಂದಿನ ದಿನಗಳಲ್ಲಿ ಇಂತಹ ಘಟನೆಗಳು ನಡೆಯದಂತೆ ಎಚ್ಚರ ವಹಿಸಬೇಕು ಎಂದು ಸದಸ್ಯರು ಆಗ್ರಹಿಸಿದರು.
